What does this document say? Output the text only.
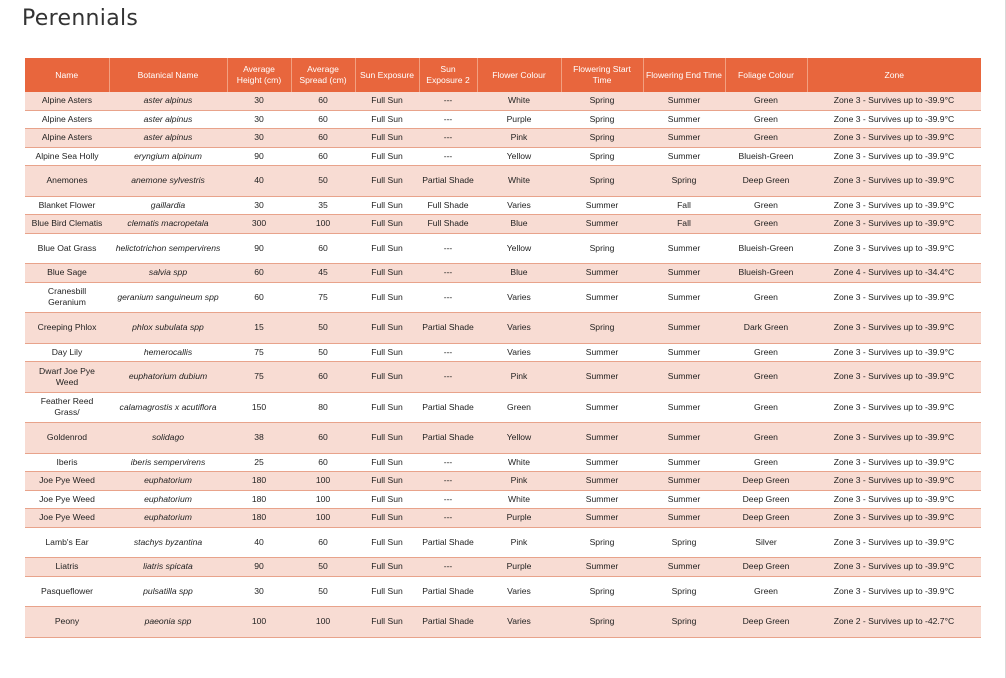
Perennials
Name	Botanical Name	Average Height (cm)	Average Spread (cm)	Sun Exposure	Sun Exposure 2	Flower Colour	Flowering Start Time	Flowering End Time	Foliage Colour	Zone
Alpine Asters	aster alpinus	30	60	Full Sun	---	White	Spring	Summer	Green	Zone 3 - Survives up to -39.9°C
Alpine Asters	aster alpinus	30	60	Full Sun	---	Purple	Spring	Summer	Green	Zone 3 - Survives up to -39.9°C
Alpine Asters	aster alpinus	30	60	Full Sun	---	Pink	Spring	Summer	Green	Zone 3 - Survives up to -39.9°C
Alpine Sea Holly	eryngium alpinum	90	60	Full Sun	---	Yellow	Spring	Summer	Blueish-Green	Zone 3 - Survives up to -39.9°C
Anemones	anemone sylvestris	40	50	Full Sun	Partial Shade	White	Spring	Spring	Deep Green	Zone 3 - Survives up to -39.9°C
Blanket Flower	gaillardia	30	35	Full Sun	Full Shade	Varies	Summer	Fall	Green	Zone 3 - Survives up to -39.9°C
Blue Bird Clematis	clematis macropetala	300	100	Full Sun	Full Shade	Blue	Summer	Fall	Green	Zone 3 - Survives up to -39.9°C
Blue Oat Grass	helictotrichon sempervirens	90	60	Full Sun	---	Yellow	Spring	Summer	Blueish-Green	Zone 3 - Survives up to -39.9°C
Blue Sage	salvia spp	60	45	Full Sun	---	Blue	Summer	Summer	Blueish-Green	Zone 4 - Survives up to -34.4°C
Cranesbill Geranium	geranium sanguineum spp	60	75	Full Sun	---	Varies	Summer	Summer	Green	Zone 3 - Survives up to -39.9°C
Creeping Phlox	phlox subulata spp	15	50	Full Sun	Partial Shade	Varies	Spring	Summer	Dark Green	Zone 3 - Survives up to -39.9°C
Day Lily	hemerocallis	75	50	Full Sun	---	Varies	Summer	Summer	Green	Zone 3 - Survives up to -39.9°C
Dwarf Joe Pye Weed	euphatorium dubium	75	60	Full Sun	---	Pink	Summer	Summer	Green	Zone 3 - Survives up to -39.9°C
Feather Reed Grass/	calamagrostis x acutiflora	150	80	Full Sun	Partial Shade	Green	Summer	Summer	Green	Zone 3 - Survives up to -39.9°C
Goldenrod	solidago	38	60	Full Sun	Partial Shade	Yellow	Summer	Summer	Green	Zone 3 - Survives up to -39.9°C
Iberis	iberis sempervirens	25	60	Full Sun	---	White	Summer	Summer	Green	Zone 3 - Survives up to -39.9°C
Joe Pye Weed	euphatorium	180	100	Full Sun	---	Pink	Summer	Summer	Deep Green	Zone 3 - Survives up to -39.9°C
Joe Pye Weed	euphatorium	180	100	Full Sun	---	White	Summer	Summer	Deep Green	Zone 3 - Survives up to -39.9°C
Joe Pye Weed	euphatorium	180	100	Full Sun	---	Purple	Summer	Summer	Deep Green	Zone 3 - Survives up to -39.9°C
Lamb's Ear	stachys byzantina	40	60	Full Sun	Partial Shade	Pink	Spring	Spring	Silver	Zone 3 - Survives up to -39.9°C
Liatris	liatris spicata	90	50	Full Sun	---	Purple	Summer	Summer	Deep Green	Zone 3 - Survives up to -39.9°C
Pasqueflower	pulsatilla spp	30	50	Full Sun	Partial Shade	Varies	Spring	Spring	Green	Zone 3 - Survives up to -39.9°C
Peony	paeonia spp	100	100	Full Sun	Partial Shade	Varies	Spring	Spring	Deep Green	Zone 2 - Survives up to -42.7°C
